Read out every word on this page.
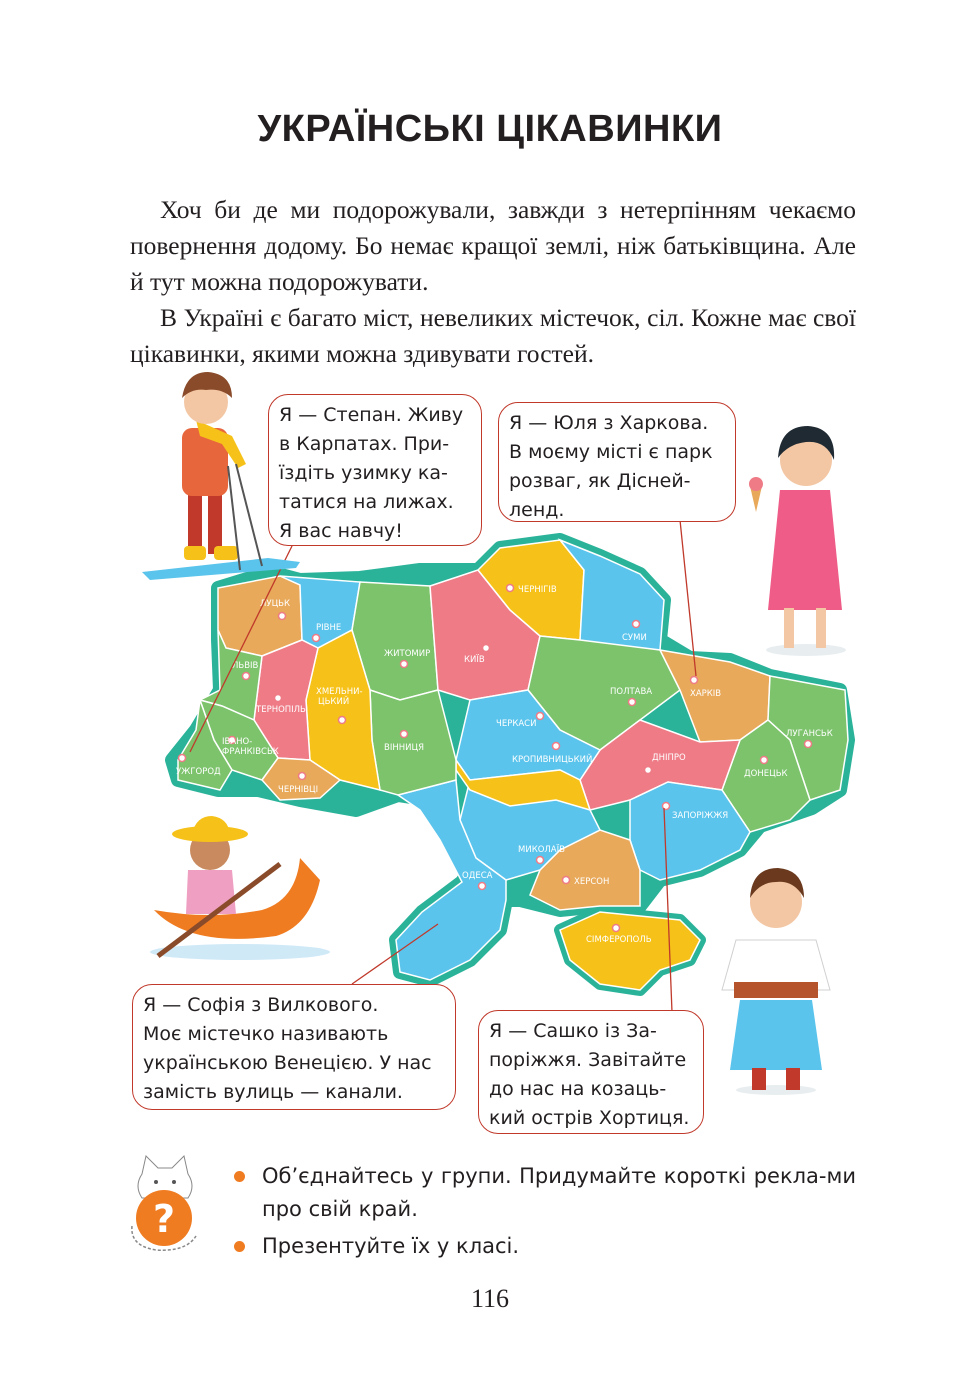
УКРАЇНСЬКІ ЦІКАВИНКИ

Хоч би де ми подорожували, завжди з нетерпінням чекаємо повернення додому. Бо немає кращої землі, ніж батьківщина. Але й тут можна подорожувати.

В Україні є багато міст, невеликих містечок, сіл. Кожне має свої цікавинки, якими можна здивувати гостей.

ЛУЦЬК
РІВНЕ
ЛЬВІВ
ТЕРНОПІЛЬ
ХМЕЛЬНИ-
ЦЬКИЙ
ЖИТОМИР
КИЇВ
ЧЕРНІГІВ
СУМИ
ПОЛТАВА	ХАРКІВ
ЛУГАНСЬК
ДОНЕЦЬК
ІВАНО-
ФРАНКІВСЬК
УЖГОРОД
ЧЕРНІВЦІ
ВІННИЦЯ
ЧЕРКАСИ
КРОПИВНИЦЬКИЙ	ДНІПРО
ЗАПОРІЖЖЯ
МИКОЛАЇВ
ХЕРСОН
ОДЕСА
СІМФЕРОПОЛЬ
Я — Степан. Живу
в Карпатах. При-
їздіть узимку ка-
татися на лижах.
Я вас навчу!
Я — Юля з Харкова.
В моєму місті є парк
розваг, як Дісней-
ленд.
Я — Софія з Вилкового.
Моє містечко називають
українською Венецією. У нас
замість вулиць — канали.
Я — Сашко із За-
поріжжя. Завітайте
до нас на козаць-
кий острів Хортиця.
?
Об’єднайтесь у групи. Придумайте короткі рекла-ми про свій край.
Презентуйте їх у класі.
116
